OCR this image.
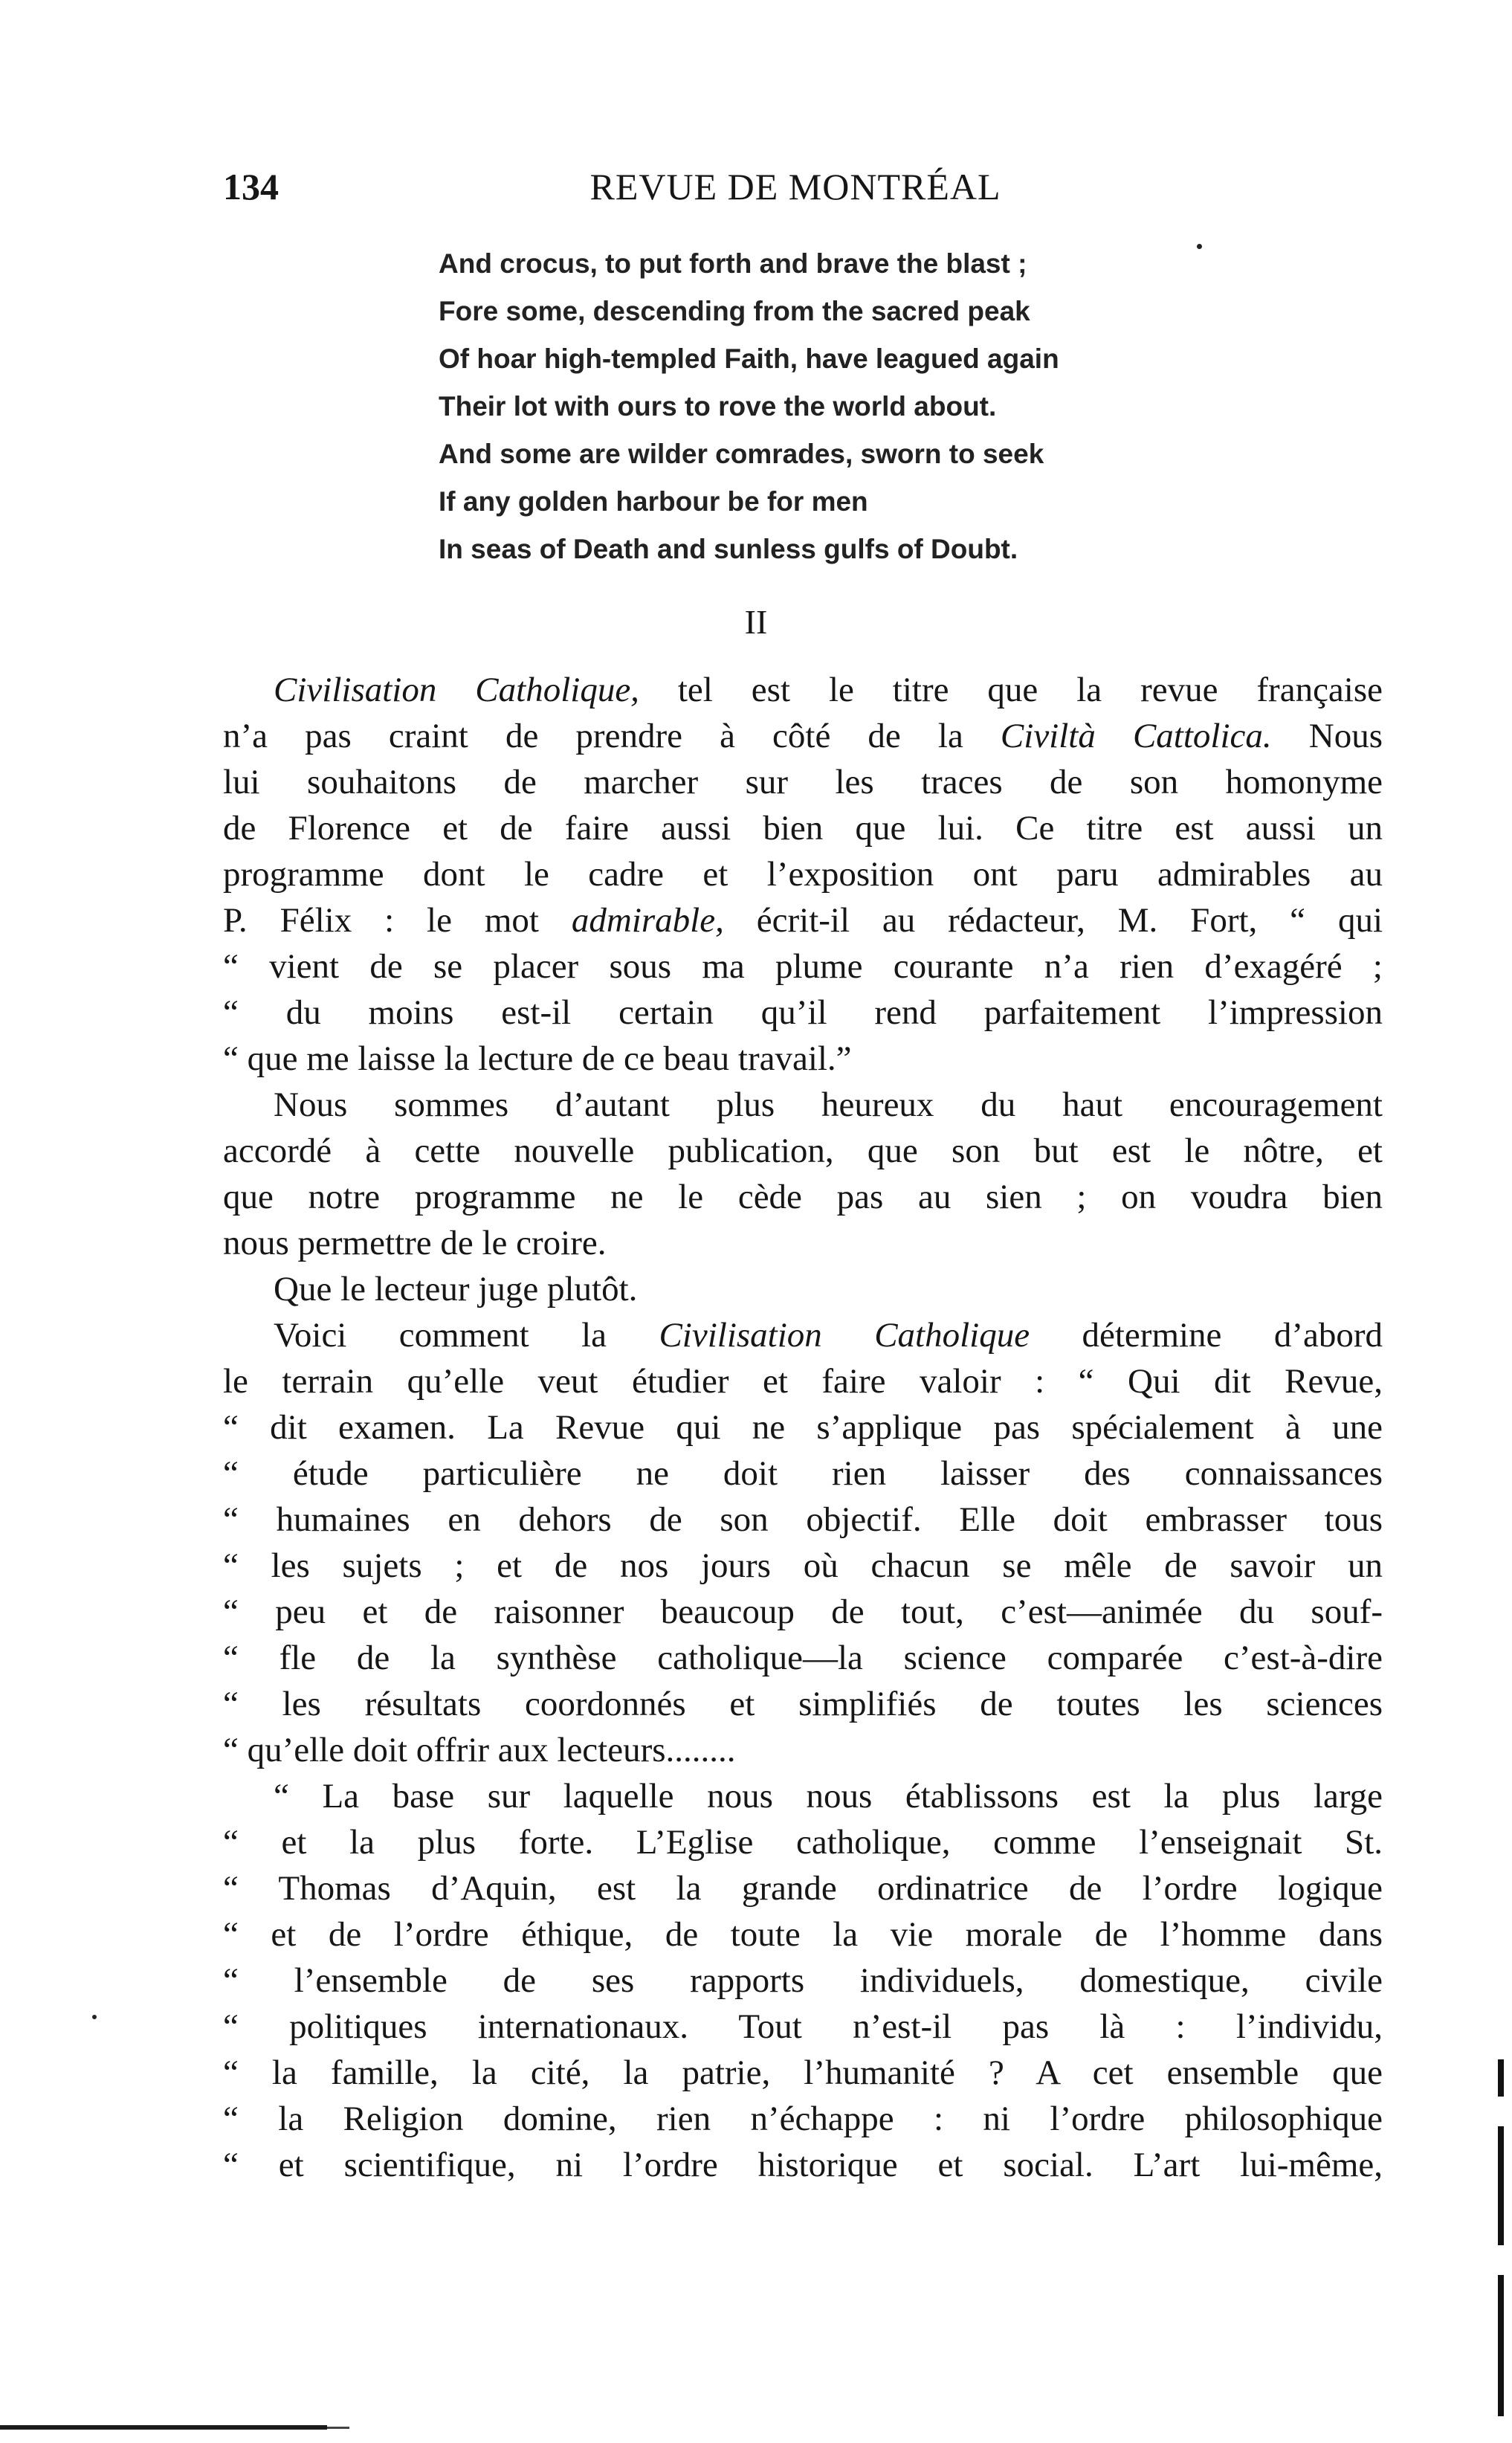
134	REVUE DE MONTRÉAL
And crocus, to put forth and brave the blast ;
Fore some, descending from the sacred peak
Of hoar high-templed Faith, have leagued again
Their lot with ours to rove the world about.
And some are wilder comrades, sworn to seek
If any golden harbour be for men
In seas of Death and sunless gulfs of Doubt.
II
Civilisation Catholique, tel est le titre que la revue française
n’a pas craint de prendre à côté de la Civiltà Cattolica. Nous
lui souhaitons de marcher sur les traces de son homonyme
de Florence et de faire aussi bien que lui. Ce titre est aussi un
programme dont le cadre et l’exposition ont paru admirables au
P. Félix : le mot admirable, écrit-il au rédacteur, M. Fort, “ qui
“ vient de se placer sous ma plume courante n’a rien d’exagéré ;
“ du moins est-il certain qu’il rend parfaitement l’impression
“ que me laisse la lecture de ce beau travail.”
Nous sommes d’autant plus heureux du haut encouragement
accordé à cette nouvelle publication, que son but est le nôtre, et
que notre programme ne le cède pas au sien ; on voudra bien
nous permettre de le croire.
Que le lecteur juge plutôt.
Voici comment la Civilisation Catholique détermine d’abord
le terrain qu’elle veut étudier et faire valoir : “ Qui dit Revue,
“ dit examen. La Revue qui ne s’applique pas spécialement à une
“ étude particulière ne doit rien laisser des connaissances
“ humaines en dehors de son objectif. Elle doit embrasser tous
“ les sujets ; et de nos jours où chacun se mêle de savoir un
“ peu et de raisonner beaucoup de tout, c’est—animée du souf-
“ fle de la synthèse catholique—la science comparée c’est-à-dire
“ les résultats coordonnés et simplifiés de toutes les sciences
“ qu’elle doit offrir aux lecteurs........
“ La base sur laquelle nous nous établissons est la plus large
“ et la plus forte. L’Eglise catholique, comme l’enseignait St.
“ Thomas d’Aquin, est la grande ordinatrice de l’ordre logique
“ et de l’ordre éthique, de toute la vie morale de l’homme dans
“ l’ensemble de ses rapports individuels, domestique, civile
“ politiques internationaux. Tout n’est-il pas là : l’individu,
“ la famille, la cité, la patrie, l’humanité ? A cet ensemble que
“ la Religion domine, rien n’échappe : ni l’ordre philosophique
“ et scientifique, ni l’ordre historique et social. L’art lui-même,
